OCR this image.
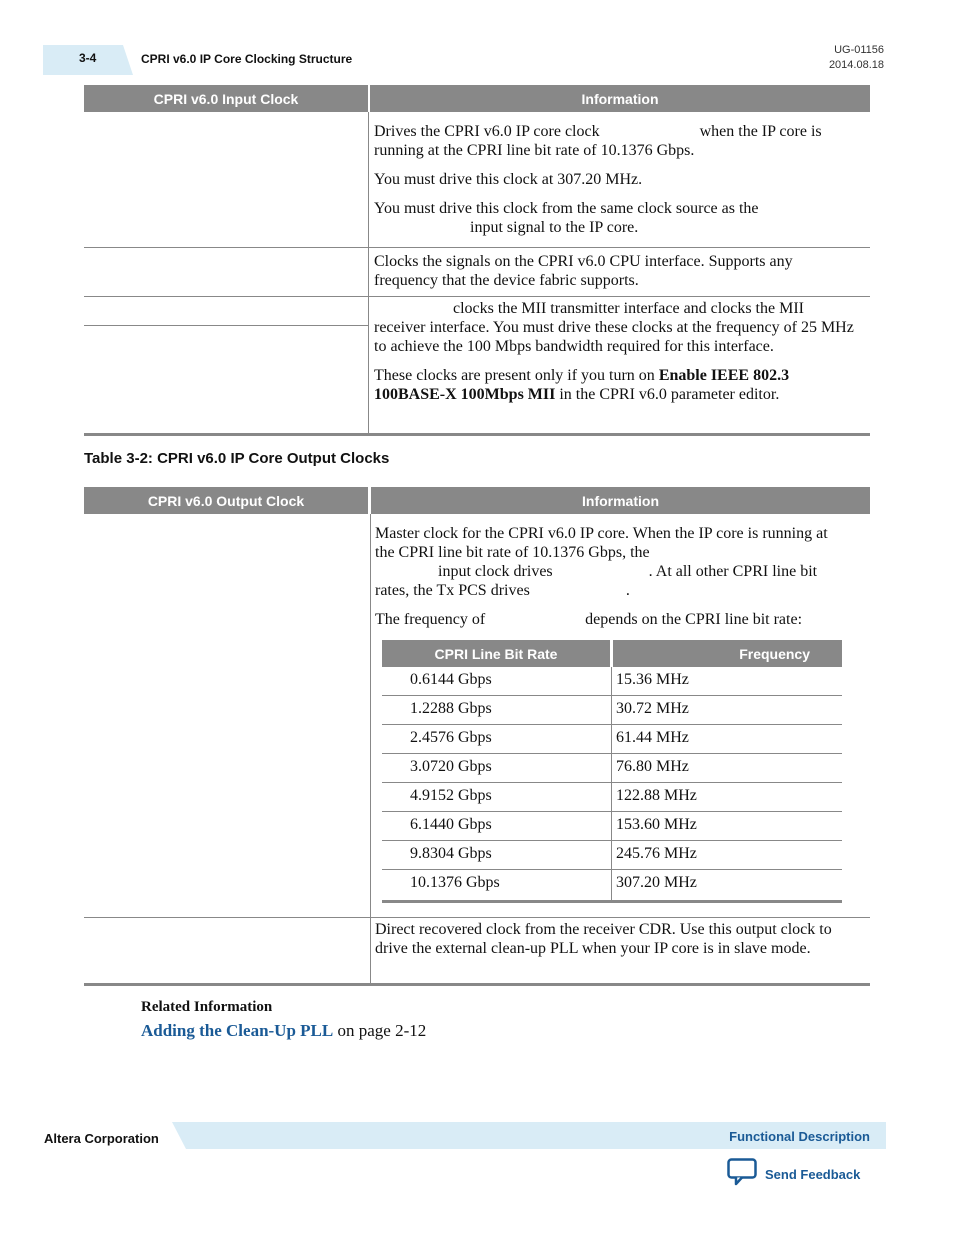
3-4	CPRI v6.0 IP Core Clocking Structure
UG-01156
2014.08.18
CPRI v6.0 Input Clock	Information

Drives the CPRI v6.0 IP core clock	when the IP core is running at the CPRI line bit rate of 10.1376 Gbps.

You must drive this clock at 307.20 MHz.

You must drive this clock from the same clock source as the
input signal to the IP core.

Clocks the signals on the CPRI v6.0 CPU interface. Supports any frequency that the device fabric supports.

clocks the MII transmitter interface and clocks the MII receiver interface. You must drive these clocks at the frequency of 25 MHz to achieve the 100 Mbps bandwidth required for this interface.

These clocks are present only if you turn on Enable IEEE 802.3 100BASE-X 100Mbps MII in the CPRI v6.0 parameter editor.

Table 3-2: CPRI v6.0 IP Core Output Clocks
CPRI v6.0 Output Clock	Information

Master clock for the CPRI v6.0 IP core. When the IP core is running at the CPRI line bit rate of 10.1376 Gbps, the
input clock drives	. At all other CPRI line bit rates, the Tx PCS drives	.

The frequency of	depends on the CPRI line bit rate:

CPRI Line Bit Rate	Frequency
0.6144 Gbps	15.36 MHz
1.2288 Gbps	30.72 MHz
2.4576 Gbps	61.44 MHz
3.0720 Gbps	76.80 MHz
4.9152 Gbps	122.88 MHz
6.1440 Gbps	153.60 MHz
9.8304 Gbps	245.76 MHz
10.1376 Gbps	307.20 MHz

Direct recovered clock from the receiver CDR. Use this output clock to drive the external clean-up PLL when your IP core is in slave mode.

Related Information
Adding the Clean-Up PLL on page 2-12
Altera Corporation	Functional Description
Send Feedback
